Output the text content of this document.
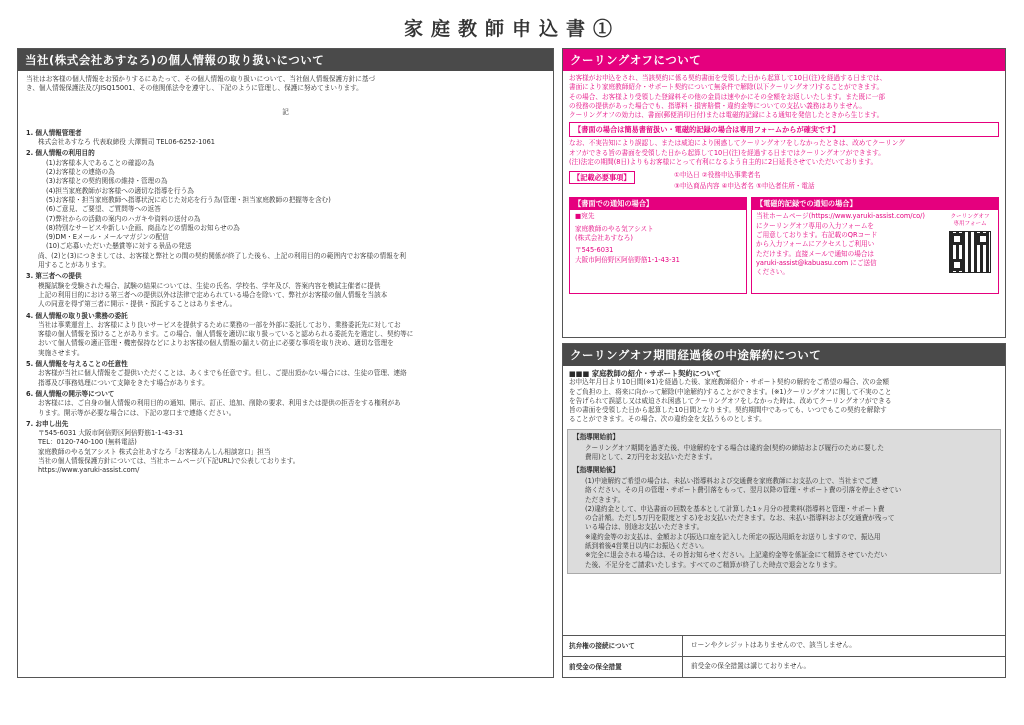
家庭教師申込書①
当社(株式会社あすなろ)の個人情報の取り扱いについて
当社はお客様の個人情報をお預かりするにあたって、その個人情報の取り扱いについて、当社個人情報保護方針に基づ
き、個人情報保護法及びJISQ15001、その他関係法令を遵守し、下記のように管理し、保護に努めてまいります。
記
1. 個人情報管理者
株式会社あすなろ 代表取締役 大澤賢司 TEL06-6252-1061
2. 個人情報の利用目的
(1)お客様本人であることの確認の為
(2)お客様との連絡の為
(3)お客様との契約関係の維持・管理の為
(4)担当家庭教師がお客様への適切な指導を行う為
(5)お客様・担当家庭教師へ指導状況に応じた対応を行う為(管理・担当家庭教師の把握等を含む)
(6)ご意見、ご要望、ご質問等への返答
(7)弊社からの活動の案内のハガキや資料の送付の為
(8)特別なサービスや新しい企画、商品などの情報のお知らせの為
(9)DM・Eメール・メールマガジンの配信
(10)ご応募いただいた懸賞等に対する景品の発送
尚、(2)と(3)につきましては、お客様と弊社との間の契約関係が終了した後も、上記の利用目的の範囲内でお客様の情報を利
用することがあります。
3. 第三者への提供
模擬試験を受験された場合、試験の結果については、生徒の氏名、学校名、学年及び、答案内容を模試主催者に提供
上記の利用目的における第三者への提供以外は法律で定められている場合を除いて、弊社がお客様の個人情報を当該本
人の同意を得ず第三者に開示・提供・預託することはありません。
4. 個人情報の取り扱い業務の委託
当社は事業運営上、お客様により良いサービスを提供するために業務の一部を外部に委託しており、業務委託先に対してお
客様の個人情報を預けることがあります。この場合、個人情報を適切に取り扱っていると認められる委託先を選定し、契約等に
おいて個人情報の適正管理・機密保持などによりお客様の個人情報の漏えい防止に必要な事項を取り決め、適切な管理を
実施させます。
5. 個人情報を与えることの任意性
お客様が当社に個人情報をご提供いただくことは、あくまでも任意です。但し、ご提出頂かない場合には、生徒の管理、連絡
指導及び事務処理について支障をきたす場合があります。
6. 個人情報の開示等について
お客様には、ご自身の個人情報の利用目的の通知、開示、訂正、追加、削除の要求、利用または提供の拒否をする権利があ
ります。開示等が必要な場合には、下記の窓口まで連絡ください。
7. お申し出先
〒545-6031 大阪市阿倍野区阿倍野筋1-1-43-31
TEL：0120-740-100 (無料電話)
家庭教師のやる気アシスト 株式会社あすなろ「お客様あんしん相談窓口」担当
当社の個人情報保護方針については、当社ホームページ(下記URL)で公表しております。
https://www.yaruki-assist.com/
クーリングオフについて
お客様がお申込をされ、当該契約に係る契約書面を受領した日から起算して10日(注)を経過する日までは、
書面により家庭教師紹介・サポート契約について無条件で解除(以下クーリングオフ)することができます。
その場合、お客様より受領した登録料その他の金員は速やかにその全額をお返しいたします。また既に一部
の役務の提供があった場合でも、指導料・損害賠償・違約金等についての支払い義務はありません。
クーリングオフの効力は、書面(郵便消印日付)または電磁的記録による通知を発信したときから生じます。
【書面の場合は簡易書留扱い・電磁的記録の場合は専用フォームからが確実です】
なお、不実告知により誤認し、または威迫により困惑してクーリングオフをしなかったときは、改めてクーリング
オフができる旨の書面を受領した日から起算して10日(注)を経過する日まではクーリングオフができます。
(注)法定の期間(8日)よりもお客様にとって有利になるよう自主的に2日延長させていただいております。
【記載必要事項】	①申込日 ②役務申込事業者名
③申込商品内容 ④申込者名 ⑤申込者住所・電話
【書面での通知の場合】
■宛先
家庭教師のやる気アシスト
(株式会社あすなろ)
〒545-6031
大阪市阿倍野区阿倍野筋1-1-43-31
【電磁的記録での通知の場合】
当社ホームページ(https://www.yaruki-assist.com/co/)
にクーリングオフ専用の入力フォームを
ご用意しております。右記載のQRコード
から入力フォームにアクセスしご利用い
ただけます。直接メールで通知の場合は
yaruki-assist@kabuasu.com にご送信
ください。
クーリングオフ
専用フォーム
クーリングオフ期間経過後の中途解約について
■■■ 家庭教師の紹介・サポート契約について
お申込年月日より10日間(※1)を経過した後、家庭教師紹介・サポート契約の解約をご希望の場合、次の金額
をご負担の上、将来に向かって解除(中途解約)することができます。(※1)クーリングオフに関して不実のこと
を告げられて誤認し又は威迫され困惑してクーリングオフをしなかった時は、改めてクーリングオフができる
旨の書面を受領した日から起算した10日間となります。契約期間中であっても、いつでもこの契約を解除す
ることができます。その場合、次の違約金を支払うものとします。
【指導開始前】
クーリングオフ期間を過ぎた後、中途解約をする場合は違約金(契約の締結および履行のために要した
費用)として、2万円をお支払いただきます。
【指導開始後】
(1)中途解約ご希望の場合は、未払い指導料および交通費を家庭教師にお支払の上で、当社までご連
絡ください。その月の管理・サポート費引落をもって、翌月以降の管理・サポート費の引落を停止させてい
ただきます。
(2)違約金として、申込書面の回数を基本として計算した1ヶ月分の授業料(指導料と管理・サポート費
の合計額。ただし5万円を限度とする)をお支払いただきます。なお、未払い指導料および交通費が残って
いる場合は、別途お支払いただきます。
※違約金等のお支払は、金額および振込口座を記入した所定の振込用紙をお送りしますので、振込用
紙到着後4営業日以内にお振込ください。
※完全に退会される場合は、その旨お知らせください。上記違約金等を係証金にて精算させていただい
た後、不足分をご請求いたします。すべてのご精算が終了した時点で退会となります。
抗弁権の接続について	ローンやクレジットはありませんので、該当しません。
前受金の保全措置	前受金の保全措置は講じておりません。
